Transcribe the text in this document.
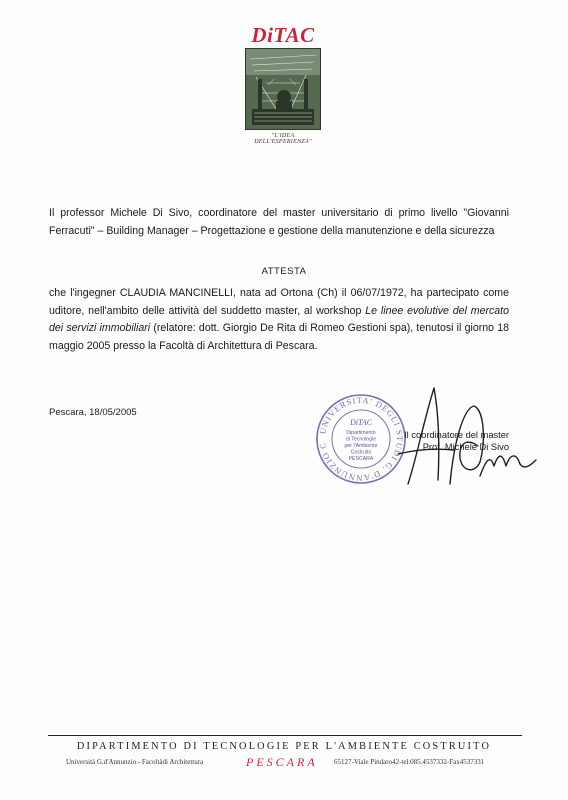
DiTAC
"L'IDEA DELL'ESPERIENZA"
Il professor Michele Di Sivo, coordinatore del master universitario di primo livello "Giovanni Ferracuti" – Building Manager – Progettazione e gestione della manutenzione e della sicurezza
ATTESTA
che l'ingegner CLAUDIA MANCINELLI, nata ad Ortona (Ch) il 06/07/1972, ha partecipato come uditore, nell'ambito delle attività del suddetto master, al workshop Le linee evolutive del mercato dei servizi immobiliari (relatore: dott. Giorgio De Rita di Romeo Gestioni spa), tenutosi il giorno 18 maggio 2005 presso la Facoltà di Architettura di Pescara.
Pescara, 18/05/2005
UNIVERSITA' DEGLI STUDI G. D'ANNUNZIO C
DiTAC
Dipartimento
di Tecnologie
per l'Ambiente
Costruito
PESCARA
Il coordinatore del master
Prof. Michele Di Sivo
DIPARTIMENTO DI TECNOLOGIE PER L'AMBIENTE COSTRUITO
Università G.d'Annunzio - Facoltàdi Architettura	PESCARA 65127-Viale Pindaro42-tel.085.4537332-Fax4537331
